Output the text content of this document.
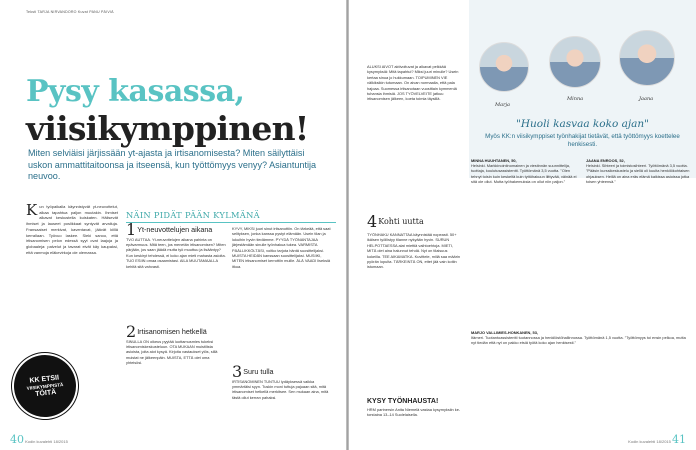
Teksti TARJA NIRVANDORO Kuvat PANU PÄIVIÄ
Pysy kasassa,
viisikymppinen!
Miten selviäisi järjissään yt-ajasta ja irtisanomisesta? Miten säilyttäisi uskon ammattitaitoonsa ja itseensä, kun työttömyys venyy? Asiantuntija neuvoo.
K un työpaikalla käynnistyvät yt-neuvottelut, alkaa tapahtua paljon muutakin. Ihmiset alkavat keskustella kuiskaten. Hälisevät ihmiset ja lauseet poslikkaat syntyvät arvailuja. Fransaaiset merkivat, kaventavat, jäävät kiillä kerrallaan. Työvuo laskee. Sieki sanoo, että irtisanomisen pelon edessä syyt ovat laajoja ja globaaleja: palvelut ja tavarat eivät käy kaupaksi, että vanmoja eläkevirkoja ole olemassa.
KK ETSII
VIISIKYMPPISTÄ
TÖITÄ
NÄIN PIDÄT PÄÄN KYLMÄNÄ
1Yt-neuvottelujen aikana
TVO AUTTAA. Yt-neuvottelujen aikana pahinta on epävarmuus. Mitä teen, jos menetän irtisanomisen? Miten pärjään, jos saan jäädä mutta työ muuttuu ja lisääntyy? Kun keskiryt tehdessä, ei koko ajan mieti mahasta asioita. TUO ESIIN omaa osaamistasi. AILA MUUTAMAALLA kehitä sitä vahvasti.
2Irtisanomisen hetkellä
SINULLA ON oikeus pyytää luottamusmies tukeksi irtisanomiskeskusteluun. OTA MUKAAN muistilista asioista, joita aiot kysyä. Kirjoita vastaukset ylös, sillä muistat ne jälkeenpäin. MUISTA, ETTÄ olet oma yhteisösi.
KYVY, MIKSI juuri sinut irtisanottiin. On tärkeää, että saat selityksen, jonka kanssa pystyt elämään. Usein tilan ja lukuihin hyvin tiedämme. PYYDÄ TYÖNANTAJAA järjestämään sinulle työnhakua tukea. VARMISTA PÄÄLLIKKÖLTÄSI, voitko tarjota häntä suosittelijaksi. MUISTA HEIDÄN kanssaan suosittelijaksi. MUSIIKI, MITEN irtisanomiset kerrottiin muille. ÄLÄ VAADI liseksiä itkua.
3Suru tulla
IRTISANOMINEN TUNTUU lydäyksessä vaikka ymmärtäisi syyn. Tuskin moni tuttuja pajuaan sitä, mitä irtisanomiset hetkellä merkitsee. Sen mukaan aina, mitä tästä ollut kerran pahaksi.
40 Kodin kuvalehti 18/2015
ALUKSI AIVOT aktivoituvat ja alkavat pelkkää kysymyksiä: Mitä tapahtui? Miksi juuri minulle? Usein kertaa sinua jo hukkumaan. TOIPUMINEN VIE välkiksikin tutumaan. On aivan normaalia, että pala hajoaa. Suomessa irtisanotaan vuosittain kymmeniä tuhansia ihmisiä. JOS TYÖVELVEITE jatkuu irtisanomisen jälkeen, koeta toimia täysillä.
4Kohti uutta
TYÖNHAKU KANNATTAA käynnistää nopeasti. 50+ ikäisen työllistyy tilanne nykyään hyvin. SURUN HELPOTTAESSA alat miettiä vaihtoehtoja. MIETI, MITÄ olet aina halunnut tehdä. Nyt on tilaisuus kokeilla. TEE AIKAMATKA. Kuvittele, millä saa määrin pyörän lopulta. TÄRKEINTÄ ON, ettet jää vain kotiin istumaan.
KYSY TYÖNHAUSTA!
HRM partnersin Anita Niemelä vastaa kysymyksiin ke-torstaina 13–14 Suolelaisella.
Marja
Minna	Jaana
"Huoli kasvaa koko ajan"
Myös KK:n viisikymppiset työnhakijat tietävät, että työttömyys koettelee henkisesti.
MINNA HUUHTANEN, 50,
Helsinki. Markkinointinomainen ja viestinnän suunnittelija, tuottaja, koulutusassistentti. Työttömänä 3,5 vuotta. "Olen tehnyt toisin kuin keskeltä kuin tyttöhakuun liittyvää, väinää ei sitä ole ollut. Mutta työhakemuksia on ollut niin paljon."
JAANA ENROOS, 52,
Helsinki. Sihteeri ja toimistosihteeri. Työttömänä 3,5 vuotta. "Pääsin kurssikeskustelu ja siellä oli kuulta henkilökohtaisen ohjauksen. Heillä on aina eräs elämä kaikissa asioissa jotka toisen yhteensä."
MARJO VALLIMIES-HONKANEN, 53,
Itämeri. Tuotantoassistentti tuotannossa ja henkilöstöhallinnossa. Työttömänä 1,5 vuotta. "Työttömyys toi ensin pelkoa, mutta nyt tiedän että nyt on pakko etsiä työtä koko ajan henkisesti."
Kodin kuvalehti 18/2015 41
